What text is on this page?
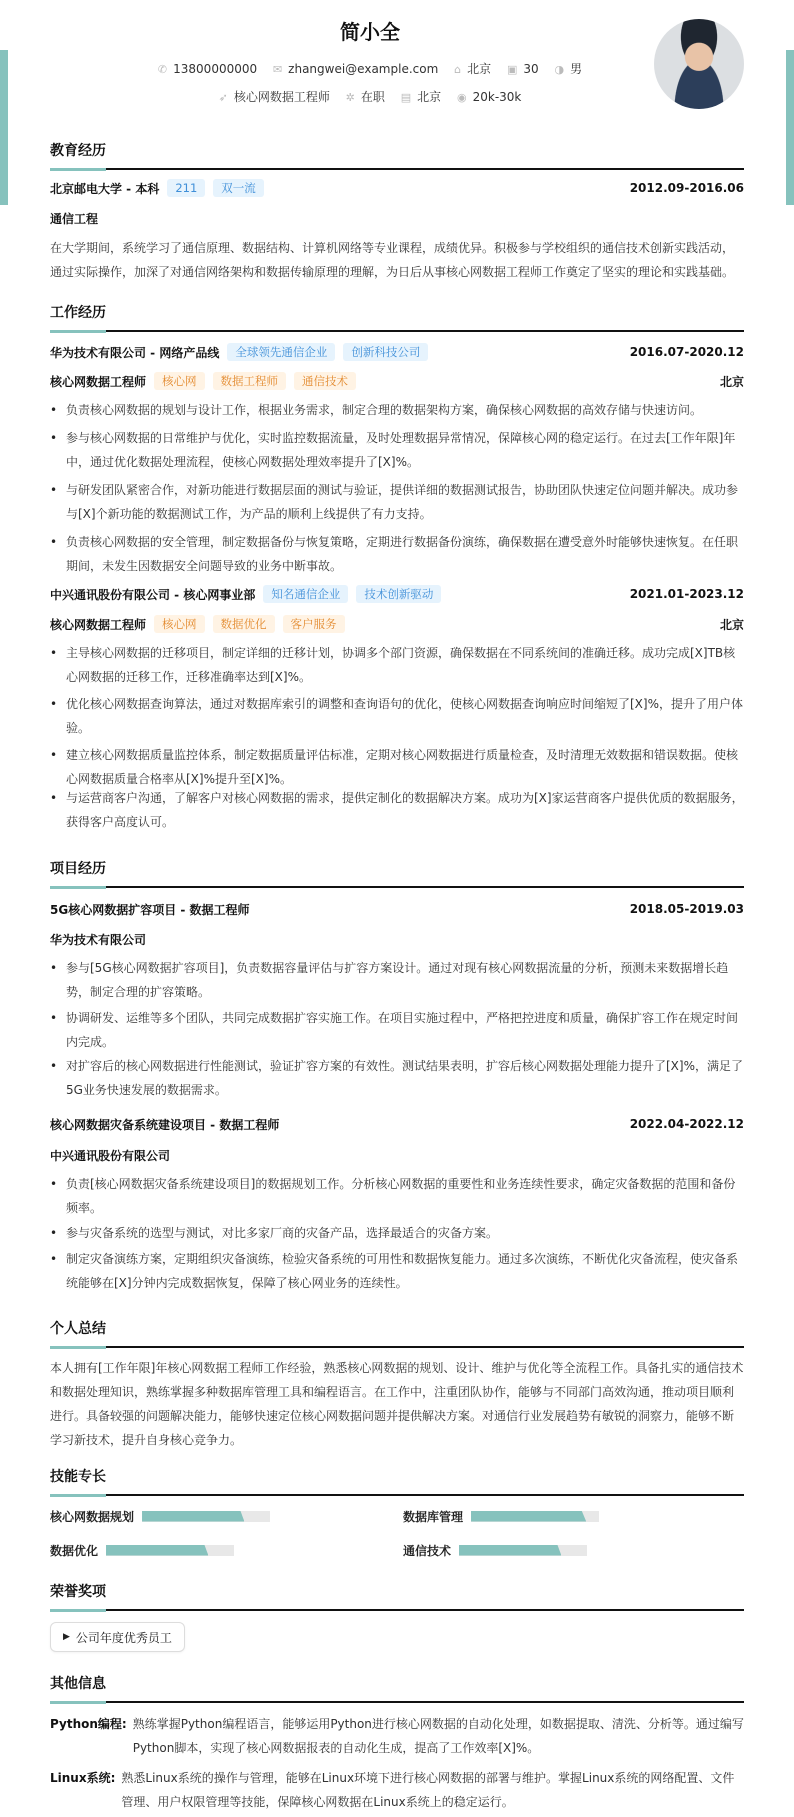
简小全
✆ 13800000000 ✉ zhangwei@example.com ⌂ 北京 ▣ 30 ◑ 男
➶ 核心网数据工程师 ✲ 在职 ▤ 北京 ◉ 20k-30k
教育经历
北京邮电大学 - 本科	211	双一流	2012.09-2016.06
通信工程
在大学期间，系统学习了通信原理、数据结构、计算机网络等专业课程，成绩优异。积极参与学校组织的通信技术创新实践活动，通过实际操作，加深了对通信网络架构和数据传输原理的理解，为日后从事核心网数据工程师工作奠定了坚实的理论和实践基础。
工作经历
华为技术有限公司 - 网络产品线	全球领先通信企业	创新科技公司	2016.07-2020.12
核心网数据工程师	核心网	数据工程师	通信技术	北京
• 负责核心网数据的规划与设计工作，根据业务需求，制定合理的数据架构方案，确保核心网数据的高效存储与快速访问。
• 参与核心网数据的日常维护与优化，实时监控数据流量，及时处理数据异常情况，保障核心网的稳定运行。在过去[工作年限]年中，通过优化数据处理流程，使核心网数据处理效率提升了[X]%。
• 与研发团队紧密合作，对新功能进行数据层面的测试与验证，提供详细的数据测试报告，协助团队快速定位问题并解决。成功参与[X]个新功能的数据测试工作，为产品的顺利上线提供了有力支持。
• 负责核心网数据的安全管理，制定数据备份与恢复策略，定期进行数据备份演练，确保数据在遭受意外时能够快速恢复。在任职期间，未发生因数据安全问题导致的业务中断事故。
中兴通讯股份有限公司 - 核心网事业部	知名通信企业	技术创新驱动	2021.01-2023.12
核心网数据工程师	核心网	数据优化	客户服务	北京
• 主导核心网数据的迁移项目，制定详细的迁移计划，协调多个部门资源，确保数据在不同系统间的准确迁移。成功完成[X]TB核心网数据的迁移工作，迁移准确率达到[X]%。
• 优化核心网数据查询算法，通过对数据库索引的调整和查询语句的优化，使核心网数据查询响应时间缩短了[X]%，提升了用户体验。
• 建立核心网数据质量监控体系，制定数据质量评估标准，定期对核心网数据进行质量检查，及时清理无效数据和错误数据。使核心网数据质量合格率从[X]%提升至[X]%。
• 与运营商客户沟通，了解客户对核心网数据的需求，提供定制化的数据解决方案。成功为[X]家运营商客户提供优质的数据服务，获得客户高度认可。
项目经历
5G核心网数据扩容项目 - 数据工程师	2018.05-2019.03
华为技术有限公司
• 参与[5G核心网数据扩容项目]，负责数据容量评估与扩容方案设计。通过对现有核心网数据流量的分析，预测未来数据增长趋势，制定合理的扩容策略。
• 协调研发、运维等多个团队，共同完成数据扩容实施工作。在项目实施过程中，严格把控进度和质量，确保扩容工作在规定时间内完成。
• 对扩容后的核心网数据进行性能测试，验证扩容方案的有效性。测试结果表明，扩容后核心网数据处理能力提升了[X]%，满足了5G业务快速发展的数据需求。
核心网数据灾备系统建设项目 - 数据工程师	2022.04-2022.12
中兴通讯股份有限公司
• 负责[核心网数据灾备系统建设项目]的数据规划工作。分析核心网数据的重要性和业务连续性要求，确定灾备数据的范围和备份频率。
• 参与灾备系统的选型与测试，对比多家厂商的灾备产品，选择最适合的灾备方案。
• 制定灾备演练方案，定期组织灾备演练，检验灾备系统的可用性和数据恢复能力。通过多次演练，不断优化灾备流程，使灾备系统能够在[X]分钟内完成数据恢复，保障了核心网业务的连续性。
个人总结
本人拥有[工作年限]年核心网数据工程师工作经验，熟悉核心网数据的规划、设计、维护与优化等全流程工作。具备扎实的通信技术和数据处理知识，熟练掌握多种数据库管理工具和编程语言。在工作中，注重团队协作，能够与不同部门高效沟通，推动项目顺利进行。具备较强的问题解决能力，能够快速定位核心网数据问题并提供解决方案。对通信行业发展趋势有敏锐的洞察力，能够不断学习新技术，提升自身核心竞争力。
技能专长
核心网数据规划	数据库管理
数据优化	通信技术
荣誉奖项
▶ 公司年度优秀员工
其他信息
Python编程: 熟练掌握Python编程语言，能够运用Python进行核心网数据的自动化处理，如数据提取、清洗、分析等。通过编写Python脚本，实现了核心网数据报表的自动化生成，提高了工作效率[X]%。
Linux系统: 熟悉Linux系统的操作与管理，能够在Linux环境下进行核心网数据的部署与维护。掌握Linux系统的网络配置、文件管理、用户权限管理等技能，保障核心网数据在Linux系统上的稳定运行。
